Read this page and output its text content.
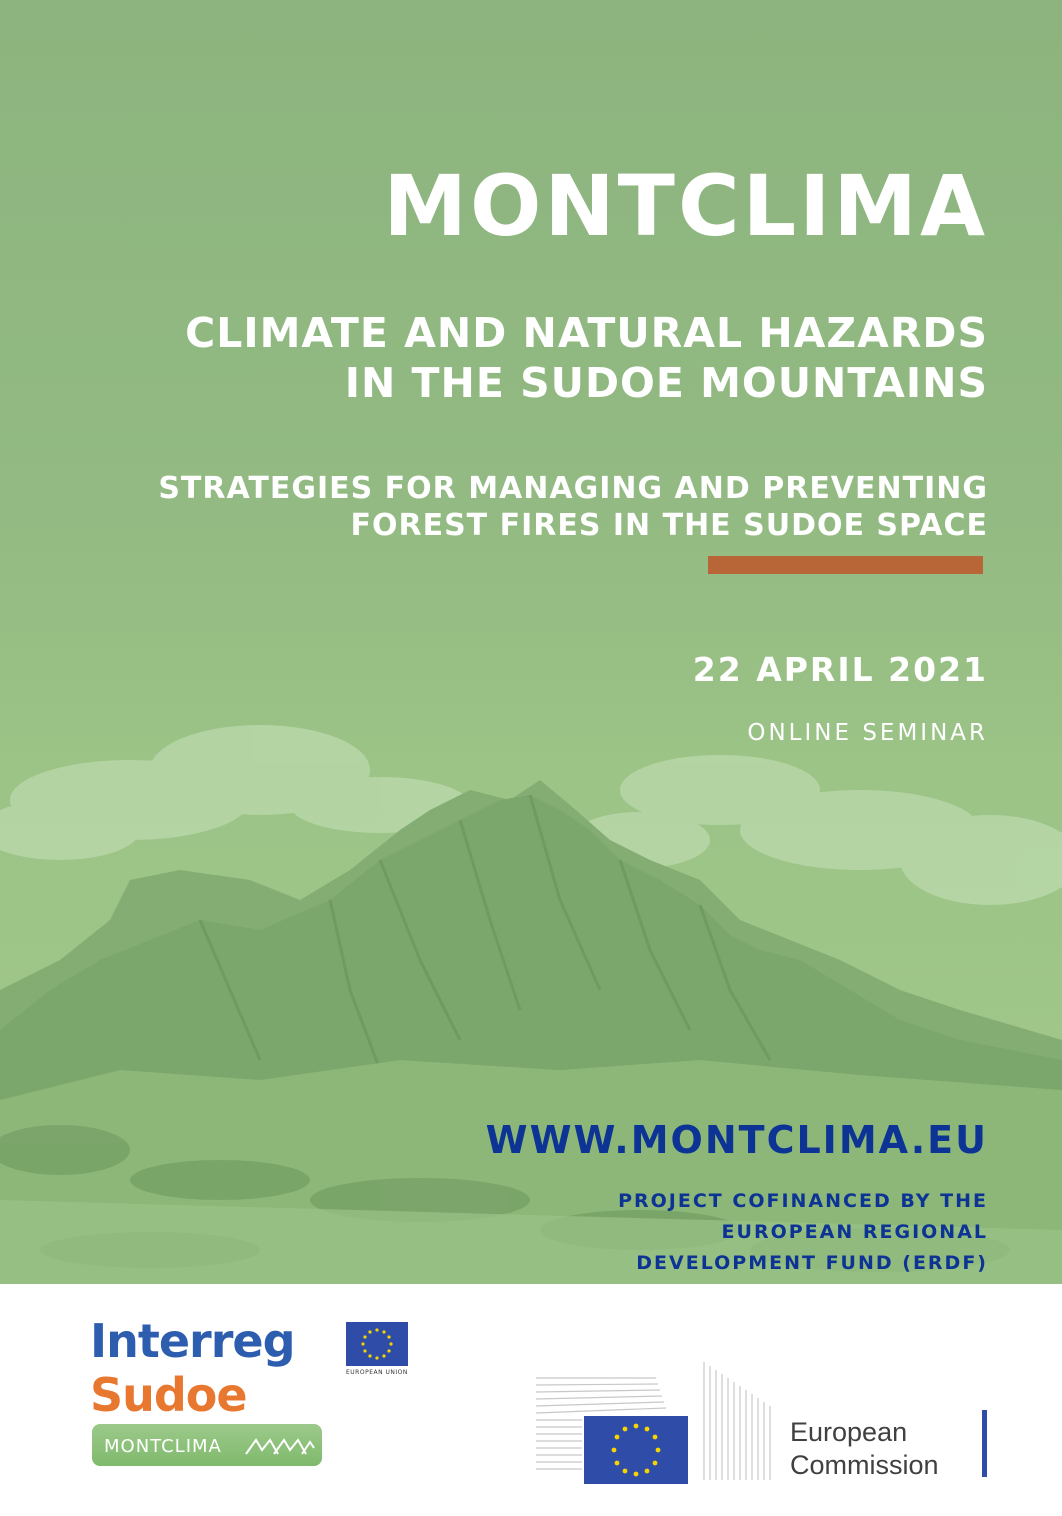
MONTCLIMA
CLIMATE AND NATURAL HAZARDS
IN THE SUDOE MOUNTAINS
STRATEGIES FOR MANAGING AND PREVENTING
FOREST FIRES IN THE SUDOE SPACE
22 APRIL 2021
ONLINE SEMINAR
WWW.MONTCLIMA.EU
PROJECT COFINANCED BY THE
EUROPEAN REGIONAL
DEVELOPMENT FUND (ERDF)
Interreg
Sudoe	EUROPEAN UNION
MONTCLIMA	European
Commission
